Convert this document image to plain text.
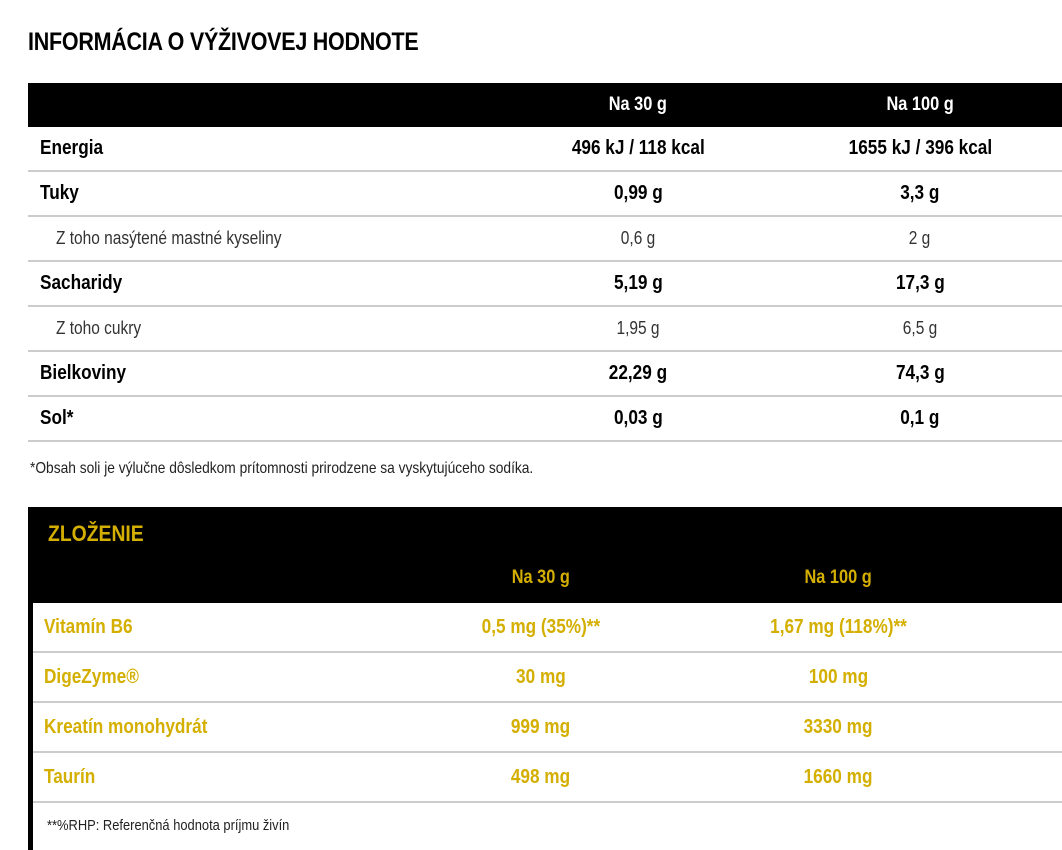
INFORMÁCIA O VÝŽIVOVEJ HODNOTE
Na 30 g	Na 100 g
Energia	496 kJ / 118 kcal	1655 kJ / 396 kcal
Tuky	0,99 g	3,3 g
Z toho nasýtené mastné kyseliny	0,6 g	2 g
Sacharidy	5,19 g	17,3 g
Z toho cukry	1,95 g	6,5 g
Bielkoviny	22,29 g	74,3 g
Sol*	0,03 g	0,1 g
*Obsah soli je výlučne dôsledkom prítomnosti prirodzene sa vyskytujúceho sodíka.
ZLOŽENIE
Na 30 g	Na 100 g
Vitamín B6	0,5 mg (35%)**	1,67 mg (118%)**
DigeZyme®	30 mg	100 mg
Kreatín monohydrát	999 mg	3330 mg
Taurín	498 mg	1660 mg
**%RHP: Referenčná hodnota príjmu živín
